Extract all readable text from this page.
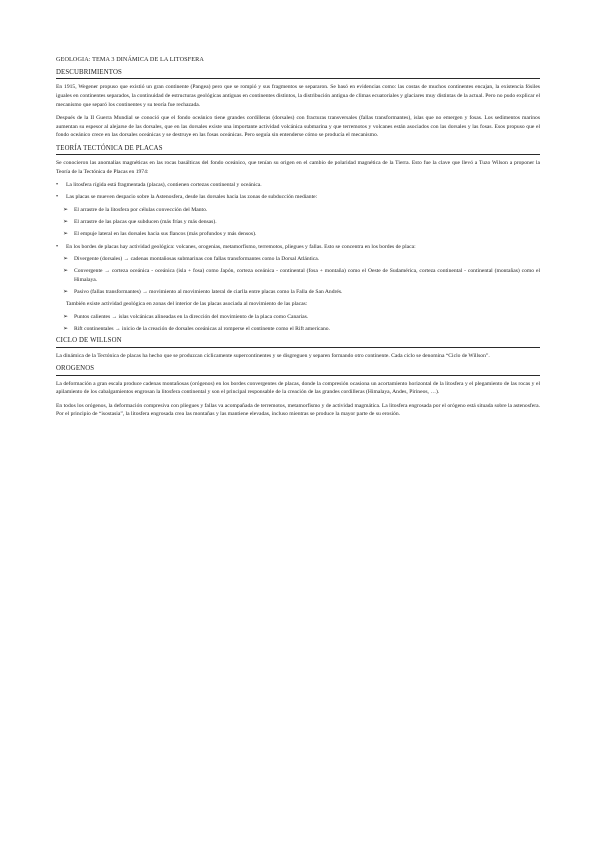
GEOLOGIA: TEMA 3 DINÁMICA DE LA LITOSFERA
DESCUBRIMIENTOS

En 1915, Wegener propuso que existió un gran continente (Pangea) pero que se rompió y sus fragmentos se separaron. Se basó en evidencias como: las costas de muchos continentes encajan, la existencia fósiles iguales en continentes separados, la continuidad de estructuras geológicas antiguas en continentes distintos, la distribución antigua de climas ecuatoriales y glaciares muy distintas de la actual. Pero no pudo explicar el mecanismo que separó los continentes y su teoría fue rechazada.

Después de la II Guerra Mundial se conoció que el fondo oceánico tiene grandes cordilleras (dorsales) con fracturas transversales (fallas transformantes), islas que no emergen y fosas. Los sedimentos marinos aumentan su espesor al alejarse de las dorsales, que en las dorsales existe una importante actividad volcánica submarina y que terremotos y volcanes están asociados con las dorsales y las fosas. Esos propuso que el fondo oceánico crece en las dorsales oceánicas y se destruye en las fosas oceánicas. Pero seguía sin entenderse cómo se producía el mecanismo.

TEORÍA TECTÓNICA DE PLACAS

Se conocieron las anomalías magnéticas en las rocas basálticas del fondo oceánico, que tenían su origen en el cambio de polaridad magnética de la Tierra. Esto fue la clave que llevó a Tuzo Wilson a proponer la Teoría de la Tectónica de Placas en 1974:

• La litosfera rígida está fragmentada (placas), contienen cortezas continental y oceánica.
• Las placas se mueven despacio sobre la Astenosfera, desde las dorsales hacia las zonas de subducción mediante:
➢ El arrastre de la litosfera por células convección del Manto.
➢ El arrastre de las placas que subducen (más frías y más densas).
➢ El empuje lateral en las dorsales hacia sus flancos (más profundos y más densos).
• En los bordes de placas hay actividad geológica: volcanes, orogenias, metamorfismo, terremotos, pliegues y fallas. Esto se concentra en los bordes de placa:
➢ Divergente (dorsales) → cadenas montañosas submarinas con fallas transformantes como la Dorsal Atlántica.
➢ Convergente → corteza oceánica - oceánica (isla + fosa) como Japón, corteza oceánica - continental (fosa + montaña) como el Oeste de Sudamérica, corteza continental - continental (montañas) como el Himalaya.
➢ Pasivo (fallas transformantes) → movimiento al movimiento lateral de ciarlla entre placas como la Falla de San Andrés.
También existe actividad geológica en zonas del interior de las placas asociada al movimiento de las placas:
➢ Puntos calientes → islas volcánicas alineadas en la dirección del movimiento de la placa como Canarias.
➢ Rift continentales → inicio de la creación de dorsales oceánicas al romperse el continente como el Rift americano.
CICLO DE WILLSON

La dinámica de la Tectónica de placas ha hecho que se produzcan cíclicamente supercontinentes y se disgreguen y separen formando otro continente. Cada ciclo se denomina “Ciclo de Willson”.

OROGENOS

La deformación a gran escala produce cadenas montañosas (orógenos) en los bordes convergentes de placas, donde la compresión ocasiona un acortamiento horizontal de la litosfera y el plegamiento de las rocas y el apilamiento de los cabalgamientos engrosan la litosfera continental y son el principal responsable de la creación de las grandes cordilleras (Himalaya, Andes, Pirineos, …).

En todos los orógenos, la deformación compresiva con pliegues y fallas va acompañada de terremotos, metamorfismo y de actividad magmática. La litosfera engrosada por el orógeno está situada sobre la astenosfera. Por el principio de “isostasia”, la litosfera engrosada crea las montañas y las mantiene elevadas, incluso mientras se produce la mayor parte de su erosión.
